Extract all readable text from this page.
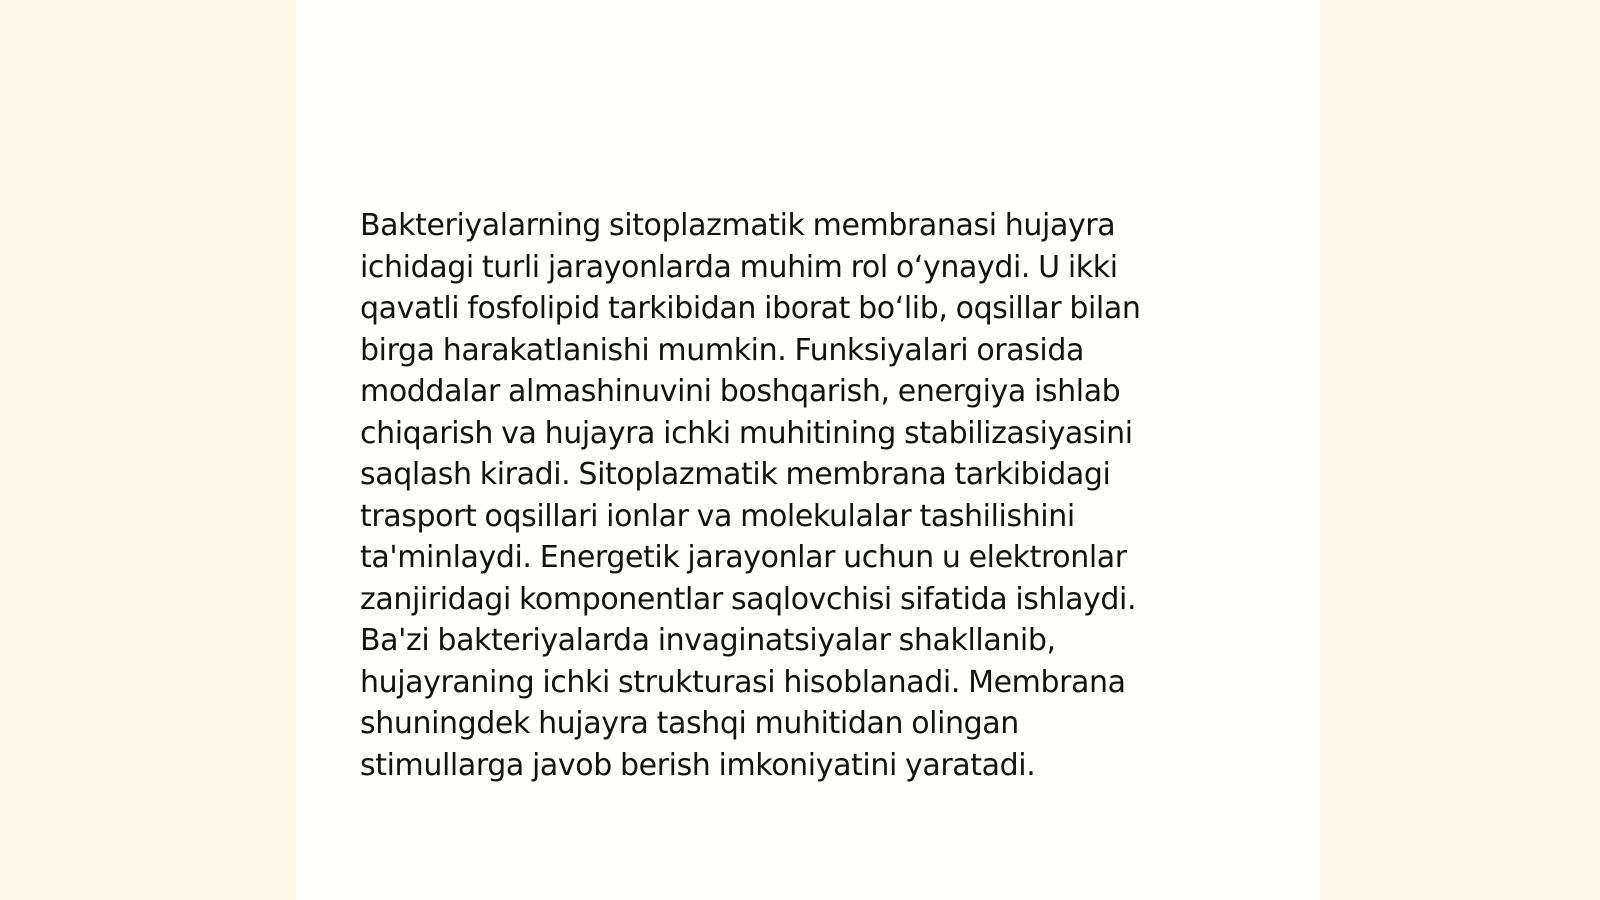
Bakteriyalarning sitoplazmatik membranasi hujayra
ichidagi turli jarayonlarda muhim rol o‘ynaydi. U ikki
qavatli fosfolipid tarkibidan iborat bo‘lib, oqsillar bilan
birga harakatlanishi mumkin. Funksiyalari orasida
moddalar almashinuvini boshqarish, energiya ishlab
chiqarish va hujayra ichki muhitining stabilizasiyasini
saqlash kiradi. Sitoplazmatik membrana tarkibidagi
trasport oqsillari ionlar va molekulalar tashilishini
ta'minlaydi. Energetik jarayonlar uchun u elektronlar
zanjiridagi komponentlar saqlovchisi sifatida ishlaydi.
Ba'zi bakteriyalarda invaginatsiyalar shakllanib,
hujayraning ichki strukturasi hisoblanadi. Membrana
shuningdek hujayra tashqi muhitidan olingan
stimullarga javob berish imkoniyatini yaratadi.
